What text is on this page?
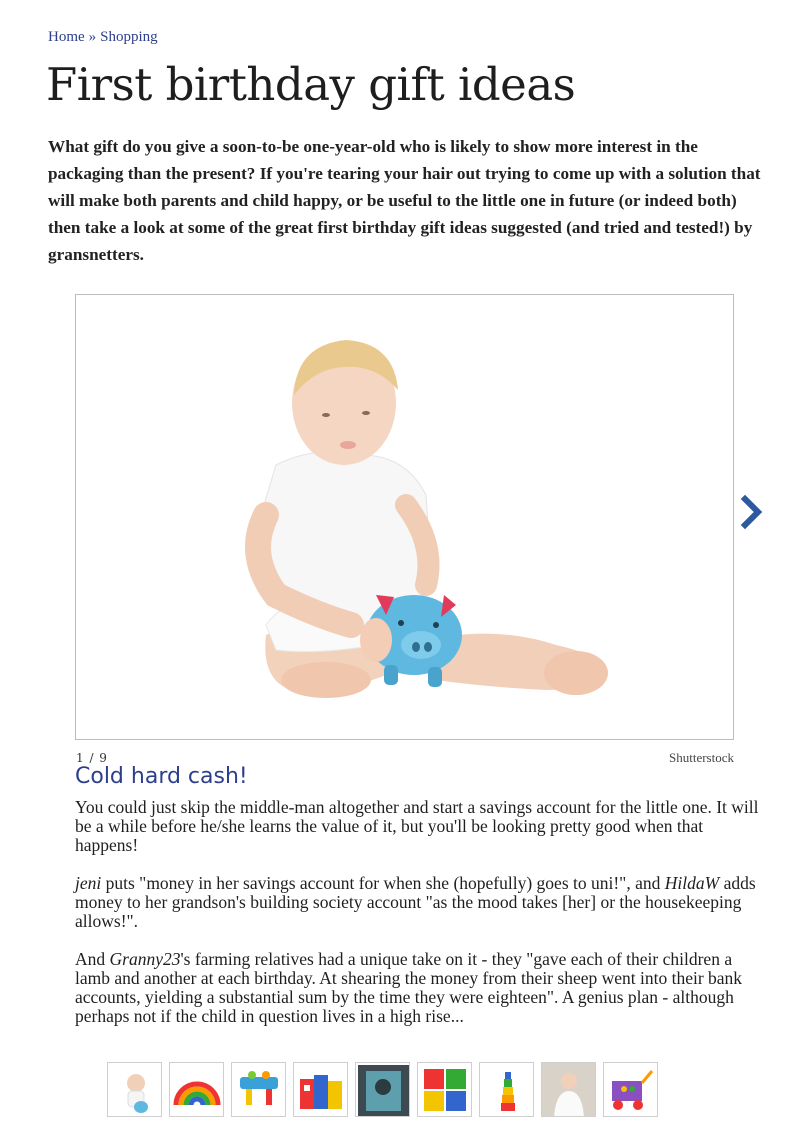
Home » Shopping
First birthday gift ideas

What gift do you give a soon-to-be one-year-old who is likely to show more interest in the packaging than the present? If you're tearing your hair out trying to come up with a solution that will make both parents and child happy, or be useful to the little one in future (or indeed both) then take a look at some of the great first birthday gift ideas suggested (and tried and tested!) by gransnetters.

1 / 9	Shutterstock
Cold hard cash!

You could just skip the middle-man altogether and start a savings account for the little one. It will be a while before he/she learns the value of it, but you'll be looking pretty good when that happens!

jeni puts "money in her savings account for when she (hopefully) goes to uni!", and HildaW adds money to her grandson's building society account "as the mood takes [her] or the housekeeping allows!".

And Granny23's farming relatives had a unique take on it - they "gave each of their children a lamb and another at each birthday. At shearing the money from their sheep went into their bank accounts, yielding a substantial sum by the time they were eighteen". A genius plan - although perhaps not if the child in question lives in a high rise...
